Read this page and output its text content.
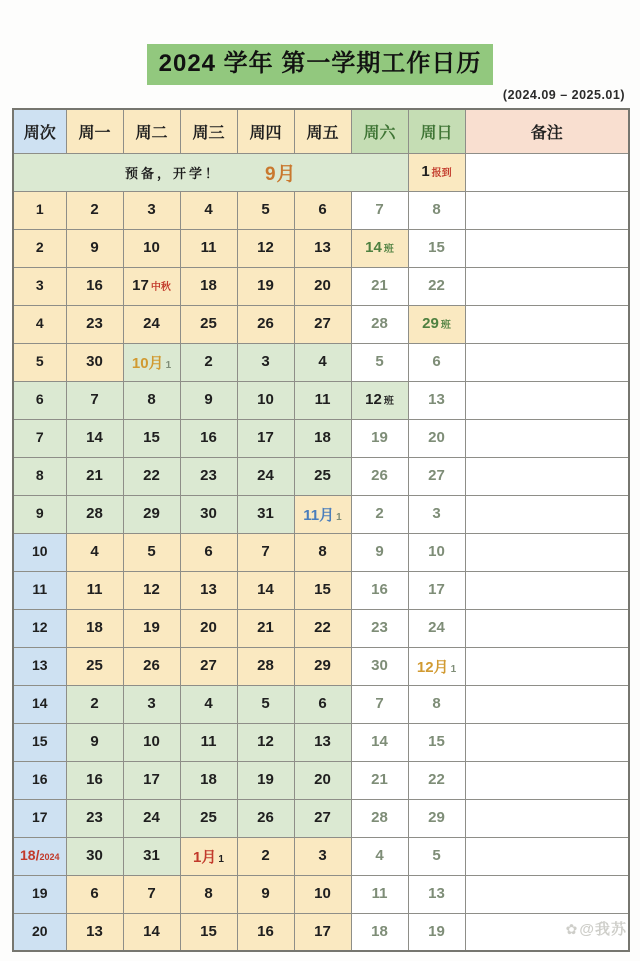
2024 学年 第一学期工作日历
(2024.09 – 2025.01)
周次	周一	周二	周三	周四	周五	周六	周日	备注

预备，开学！ 9月							1 报到	
1	2	3	4	5	6	7	8	
2	9	10	11	12	13	14 班	15	
3	16	17 中秋	18	19	20	21	22	
4	23	24	25	26	27	28	29 班	
5	30	10月 1	2	3	4	5	6	
6	7	8	9	10	11	12 班	13	
7	14	15	16	17	18	19	20	
8	21	22	23	24	25	26	27	
9	28	29	30	31	11月 1	2	3	
10	4	5	6	7	8	9	10	
11	11	12	13	14	15	16	17	
12	18	19	20	21	22	23	24	
13	25	26	27	28	29	30	12月 1	
14	2	3	4	5	6	7	8	
15	9	10	11	12	13	14	15	
16	16	17	18	19	20	21	22	
17	23	24	25	26	27	28	29	
18/2024	30	31	1月 1	2	3	4	5	
19	6	7	8	9	10	11	13	
20	13	14	15	16	17	18	19		✿@我苏
